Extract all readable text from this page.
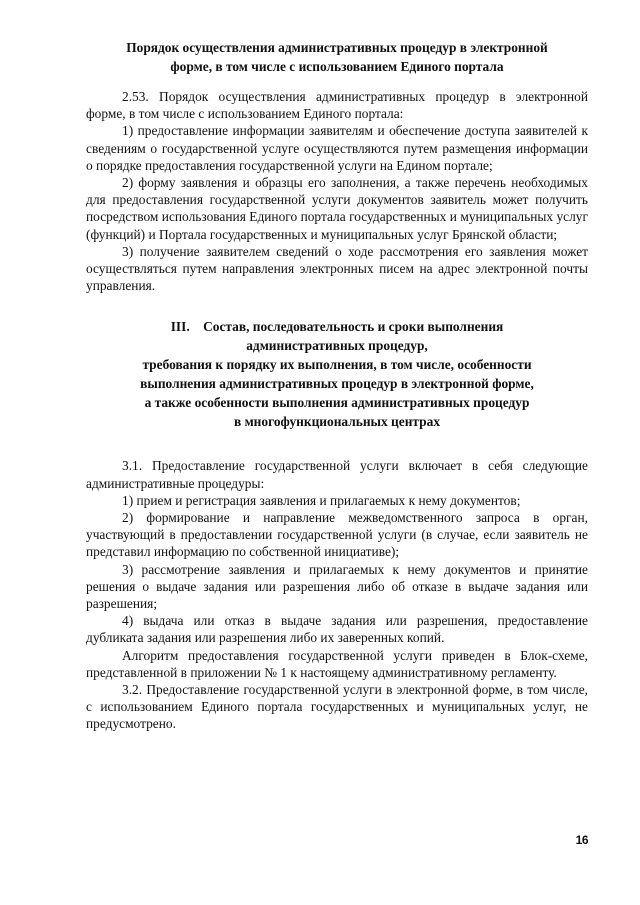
Порядок осуществления административных процедур в электронной
форме, в том числе с использованием Единого портала

2.53. Порядок осуществления административных процедур в электронной форме, в том числе с использованием Единого портала:

1) предоставление информации заявителям и обеспечение доступа заявителей к сведениям о государственной услуге осуществляются путем размещения информации о порядке предоставления государственной услуги на Едином портале;

2) форму заявления и образцы его заполнения, а также перечень необходимых для предоставления государственной услуги документов заявитель может получить посредством использования Единого портала государственных и муниципальных услуг (функций) и Портала государственных и муниципальных услуг Брянской области;

3) получение заявителем сведений о ходе рассмотрения его заявления может осуществляться путем направления электронных писем на адрес электронной почты управления.

III.    Состав, последовательность и сроки выполнения
административных процедур,
требования к порядку их выполнения, в том числе, особенности
выполнения административных процедур в электронной форме,
а также особенности выполнения административных процедур
в многофункциональных центрах

3.1. Предоставление государственной услуги включает в себя следующие административные процедуры:

1) прием и регистрация заявления и прилагаемых к нему документов;

2) формирование и направление межведомственного запроса в орган, участвующий в предоставлении государственной услуги (в случае, если заявитель не представил информацию по собственной инициативе);

3) рассмотрение заявления и прилагаемых к нему документов и принятие решения о выдаче задания или разрешения либо об отказе в выдаче задания или разрешения;

4) выдача или отказ в выдаче задания или разрешения, предоставление дубликата задания или разрешения либо их заверенных копий.

Алгоритм предоставления государственной услуги приведен в Блок-схеме, представленной в приложении № 1 к настоящему административному регламенту.

3.2. Предоставление государственной услуги в электронной форме, в том числе, с использованием Единого портала государственных и муниципальных услуг, не предусмотрено.

16
